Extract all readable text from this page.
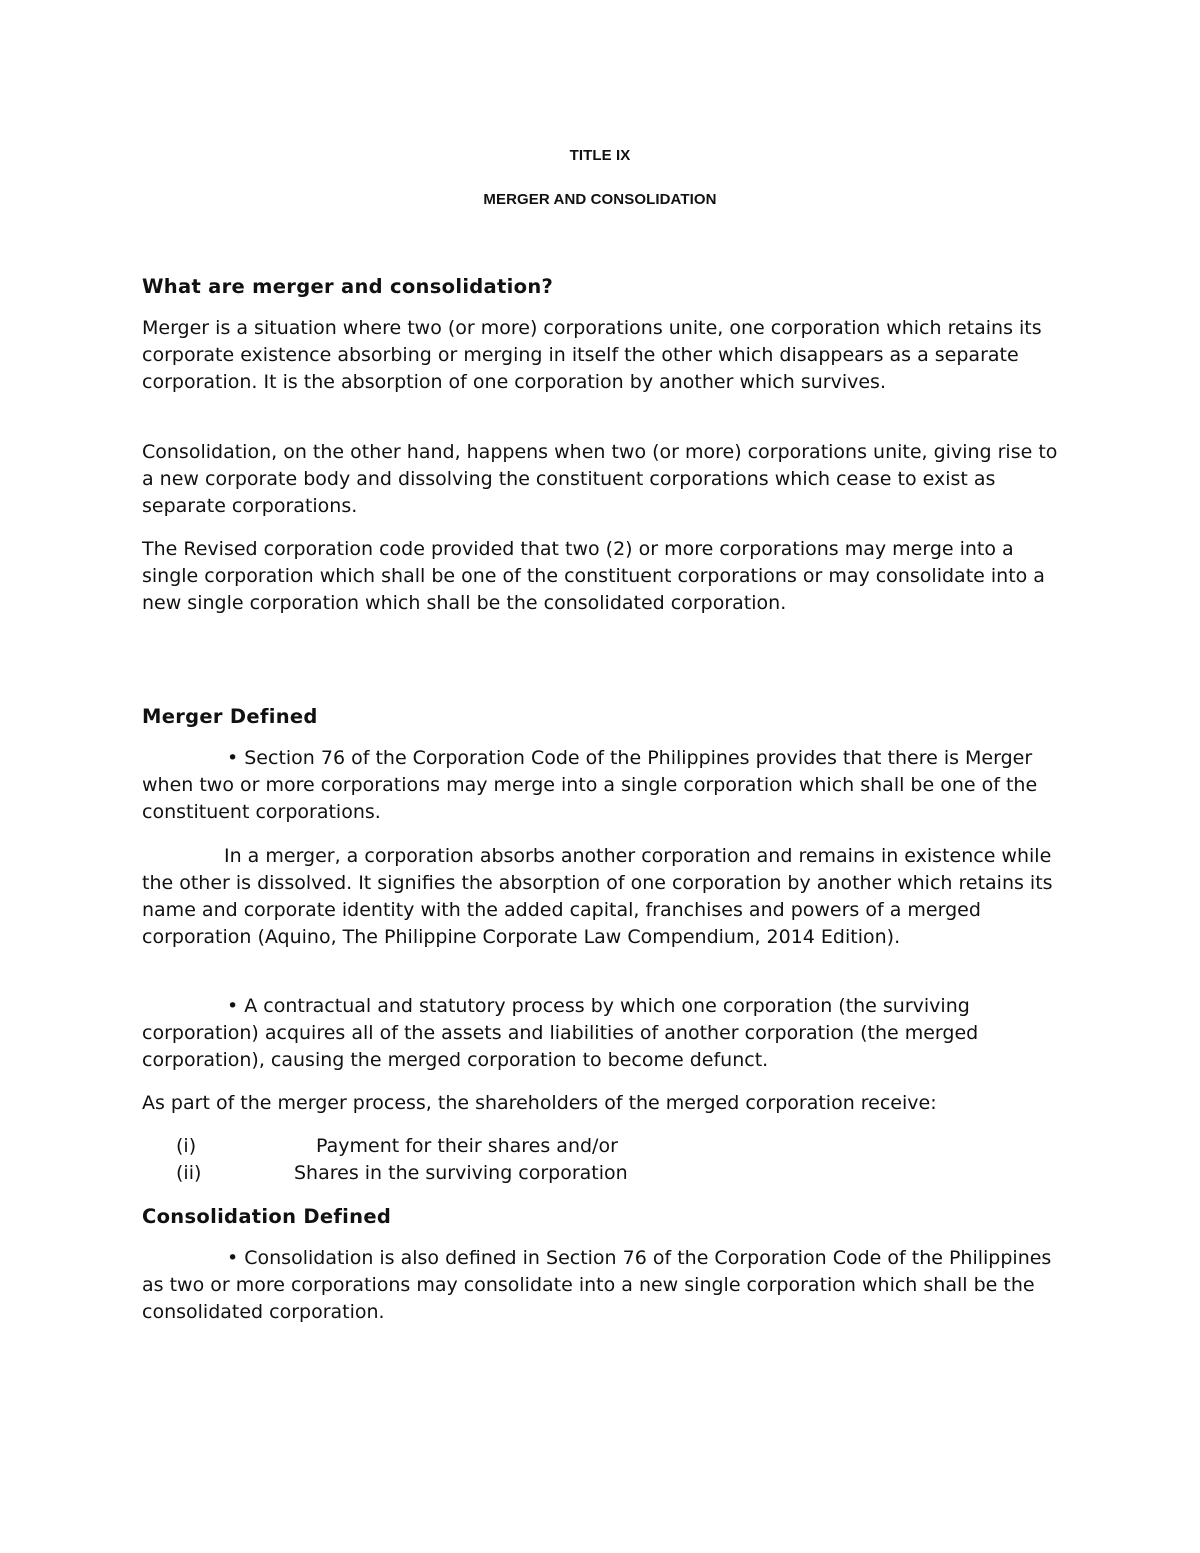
TITLE IX
MERGER AND CONSOLIDATION
What are merger and consolidation?

Merger is a situation where two (or more) corporations unite, one corporation which retains its corporate existence absorbing or merging in itself the other which disappears as a separate corporation. It is the absorption of one corporation by another which survives.

Consolidation, on the other hand, happens when two (or more) corporations unite, giving rise to a new corporate body and dissolving the constituent corporations which cease to exist as separate corporations.

The Revised corporation code provided that two (2) or more corporations may merge into a single corporation which shall be one of the constituent corporations or may consolidate into a new single corporation which shall be the consolidated corporation.

Merger Defined

• Section 76 of the Corporation Code of the Philippines provides that there is Merger when two or more corporations may merge into a single corporation which shall be one of the constituent corporations.

In a merger, a corporation absorbs another corporation and remains in existence while the other is dissolved. It signifies the absorption of one corporation by another which retains its name and corporate identity with the added capital, franchises and powers of a merged corporation (Aquino, The Philippine Corporate Law Compendium, 2014 Edition).

• A contractual and statutory process by which one corporation (the surviving corporation) acquires all of the assets and liabilities of another corporation (the merged corporation), causing the merged corporation to become defunct.

As part of the merger process, the shareholders of the merged corporation receive:

(i)	Payment for their shares and/or
(ii)	Shares in the surviving corporation
Consolidation Defined

• Consolidation is also defined in Section 76 of the Corporation Code of the Philippines as two or more corporations may consolidate into a new single corporation which shall be the consolidated corporation.
